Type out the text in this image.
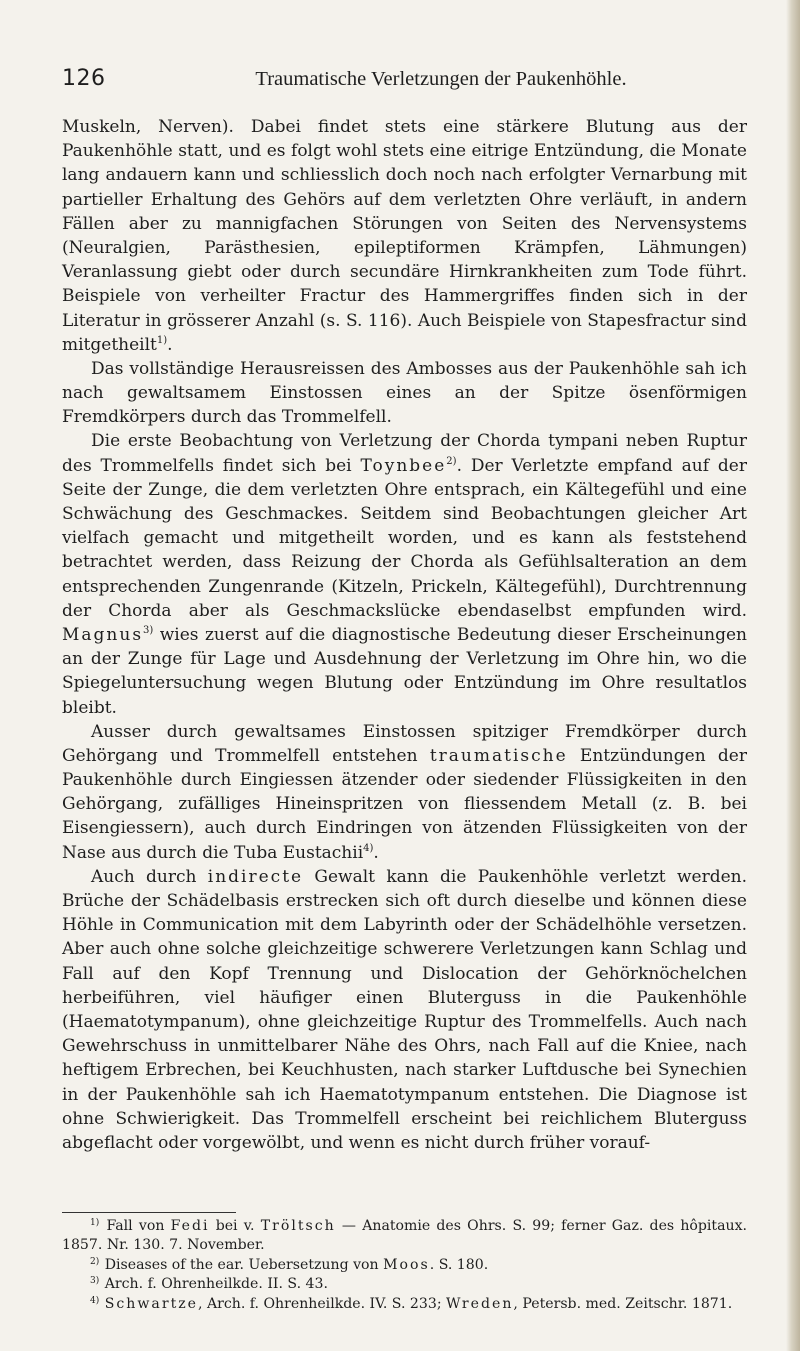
126	Traumatische Verletzungen der Paukenhöhle.

Muskeln, Nerven). Dabei findet stets eine stärkere Blutung aus der Paukenhöhle statt, und es folgt wohl stets eine eitrige Entzündung, die Monate lang andauern kann und schliesslich doch noch nach erfolgter Vernarbung mit partieller Erhaltung des Gehörs auf dem verletzten Ohre verläuft, in andern Fällen aber zu mannigfachen Störungen von Seiten des Nervensystems (Neuralgien, Parästhesien, epileptiformen Krämpfen, Lähmungen) Veranlassung giebt oder durch secundäre Hirnkrankheiten zum Tode führt. Beispiele von verheilter Fractur des Hammergriffes finden sich in der Literatur in grösserer Anzahl (s. S. 116). Auch Beispiele von Stapesfractur sind mitgetheilt$^{1)}$.

Das vollständige Herausreissen des Ambosses aus der Paukenhöhle sah ich nach gewaltsamem Einstossen eines an der Spitze ösenförmigen Fremdkörpers durch das Trommelfell.

Die erste Beobachtung von Verletzung der Chorda tympani neben Ruptur des Trommelfells findet sich bei Toynbee$^{2)}$. Der Verletzte empfand auf der Seite der Zunge, die dem verletzten Ohre entsprach, ein Kältegefühl und eine Schwächung des Geschmackes. Seitdem sind Beobachtungen gleicher Art vielfach gemacht und mitgetheilt worden, und es kann als feststehend betrachtet werden, dass Reizung der Chorda als Gefühlsalteration an dem entsprechenden Zungenrande (Kitzeln, Prickeln, Kältegefühl), Durchtrennung der Chorda aber als Geschmackslücke ebendaselbst empfunden wird. Magnus$^{3)}$ wies zuerst auf die diagnostische Bedeutung dieser Erscheinungen an der Zunge für Lage und Ausdehnung der Verletzung im Ohre hin, wo die Spiegeluntersuchung wegen Blutung oder Entzündung im Ohre resultatlos bleibt.

Ausser durch gewaltsames Einstossen spitziger Fremdkörper durch Gehörgang und Trommelfell entstehen traumatische Entzündungen der Paukenhöhle durch Eingiessen ätzender oder siedender Flüssigkeiten in den Gehörgang, zufälliges Hineinspritzen von fliessendem Metall (z. B. bei Eisengiessern), auch durch Eindringen von ätzenden Flüssigkeiten von der Nase aus durch die Tuba Eustachii$^{4)}$.

Auch durch indirecte Gewalt kann die Paukenhöhle verletzt werden. Brüche der Schädelbasis erstrecken sich oft durch dieselbe und können diese Höhle in Communication mit dem Labyrinth oder der Schädelhöhle versetzen. Aber auch ohne solche gleichzeitige schwerere Verletzungen kann Schlag und Fall auf den Kopf Trennung und Dislocation der Gehörknöchelchen herbeiführen, viel häufiger einen Bluterguss in die Paukenhöhle (Haematotympanum), ohne gleichzeitige Ruptur des Trommelfells. Auch nach Gewehrschuss in unmittelbarer Nähe des Ohrs, nach Fall auf die Kniee, nach heftigem Erbrechen, bei Keuchhusten, nach starker Luftdusche bei Synechien in der Paukenhöhle sah ich Haematotympanum entstehen. Die Diagnose ist ohne Schwierigkeit. Das Trommelfell erscheint bei reichlichem Bluterguss abgeflacht oder vorgewölbt, und wenn es nicht durch früher vorauf-

$^{1)}$ Fall von Fedi bei v. Tröltsch — Anatomie des Ohrs. S. 99; ferner Gaz. des hôpitaux. 1857. Nr. 130. 7. November.

$^{2)}$ Diseases of the ear. Uebersetzung von Moos. S. 180.

$^{3)}$ Arch. f. Ohrenheilkde. II. S. 43.

$^{4)}$ Schwartze, Arch. f. Ohrenheilkde. IV. S. 233; Wreden, Petersb. med. Zeitschr. 1871.
